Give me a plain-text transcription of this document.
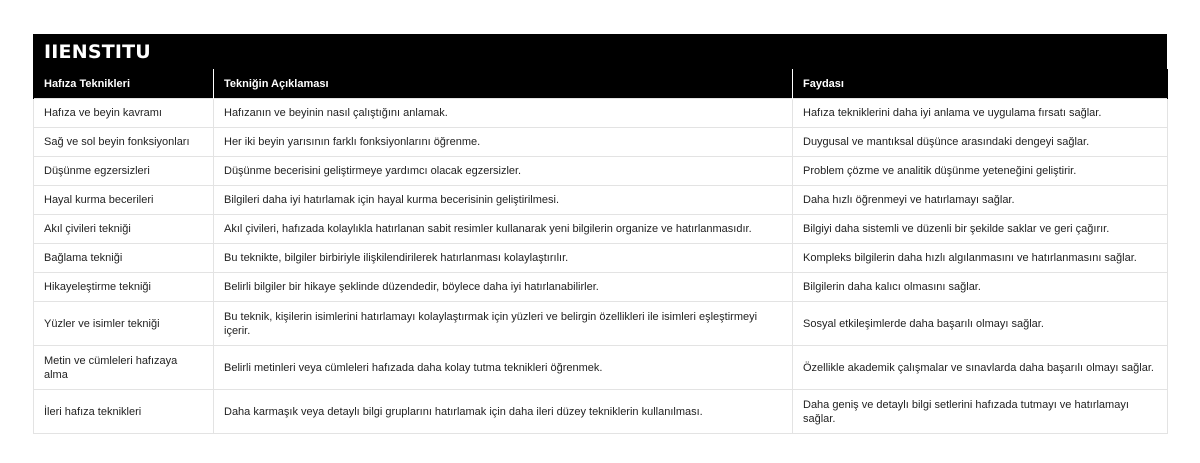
IIENSTITU
Hafıza Teknikleri	Tekniğin Açıklaması	Faydası
Hafıza ve beyin kavramı	Hafızanın ve beyinin nasıl çalıştığını anlamak.	Hafıza tekniklerini daha iyi anlama ve uygulama fırsatı sağlar.
Sağ ve sol beyin fonksiyonları	Her iki beyin yarısının farklı fonksiyonlarını öğrenme.	Duygusal ve mantıksal düşünce arasındaki dengeyi sağlar.
Düşünme egzersizleri	Düşünme becerisini geliştirmeye yardımcı olacak egzersizler.	Problem çözme ve analitik düşünme yeteneğini geliştirir.
Hayal kurma becerileri	Bilgileri daha iyi hatırlamak için hayal kurma becerisinin geliştirilmesi.	Daha hızlı öğrenmeyi ve hatırlamayı sağlar.
Akıl çivileri tekniği	Akıl çivileri, hafızada kolaylıkla hatırlanan sabit resimler kullanarak yeni bilgilerin organize ve hatırlanmasıdır.	Bilgiyi daha sistemli ve düzenli bir şekilde saklar ve geri çağırır.
Bağlama tekniği	Bu teknikte, bilgiler birbiriyle ilişkilendirilerek hatırlanması kolaylaştırılır.	Kompleks bilgilerin daha hızlı algılanmasını ve hatırlanmasını sağlar.
Hikayeleştirme tekniği	Belirli bilgiler bir hikaye şeklinde düzendedir, böylece daha iyi hatırlanabilirler.	Bilgilerin daha kalıcı olmasını sağlar.
Yüzler ve isimler tekniği	Bu teknik, kişilerin isimlerini hatırlamayı kolaylaştırmak için yüzleri ve belirgin özellikleri ile isimleri eşleştirmeyi içerir.	Sosyal etkileşimlerde daha başarılı olmayı sağlar.
Metin ve cümleleri hafızaya alma	Belirli metinleri veya cümleleri hafızada daha kolay tutma teknikleri öğrenmek.	Özellikle akademik çalışmalar ve sınavlarda daha başarılı olmayı sağlar.
İleri hafıza teknikleri	Daha karmaşık veya detaylı bilgi gruplarını hatırlamak için daha ileri düzey tekniklerin kullanılması.	Daha geniş ve detaylı bilgi setlerini hafızada tutmayı ve hatırlamayı sağlar.
